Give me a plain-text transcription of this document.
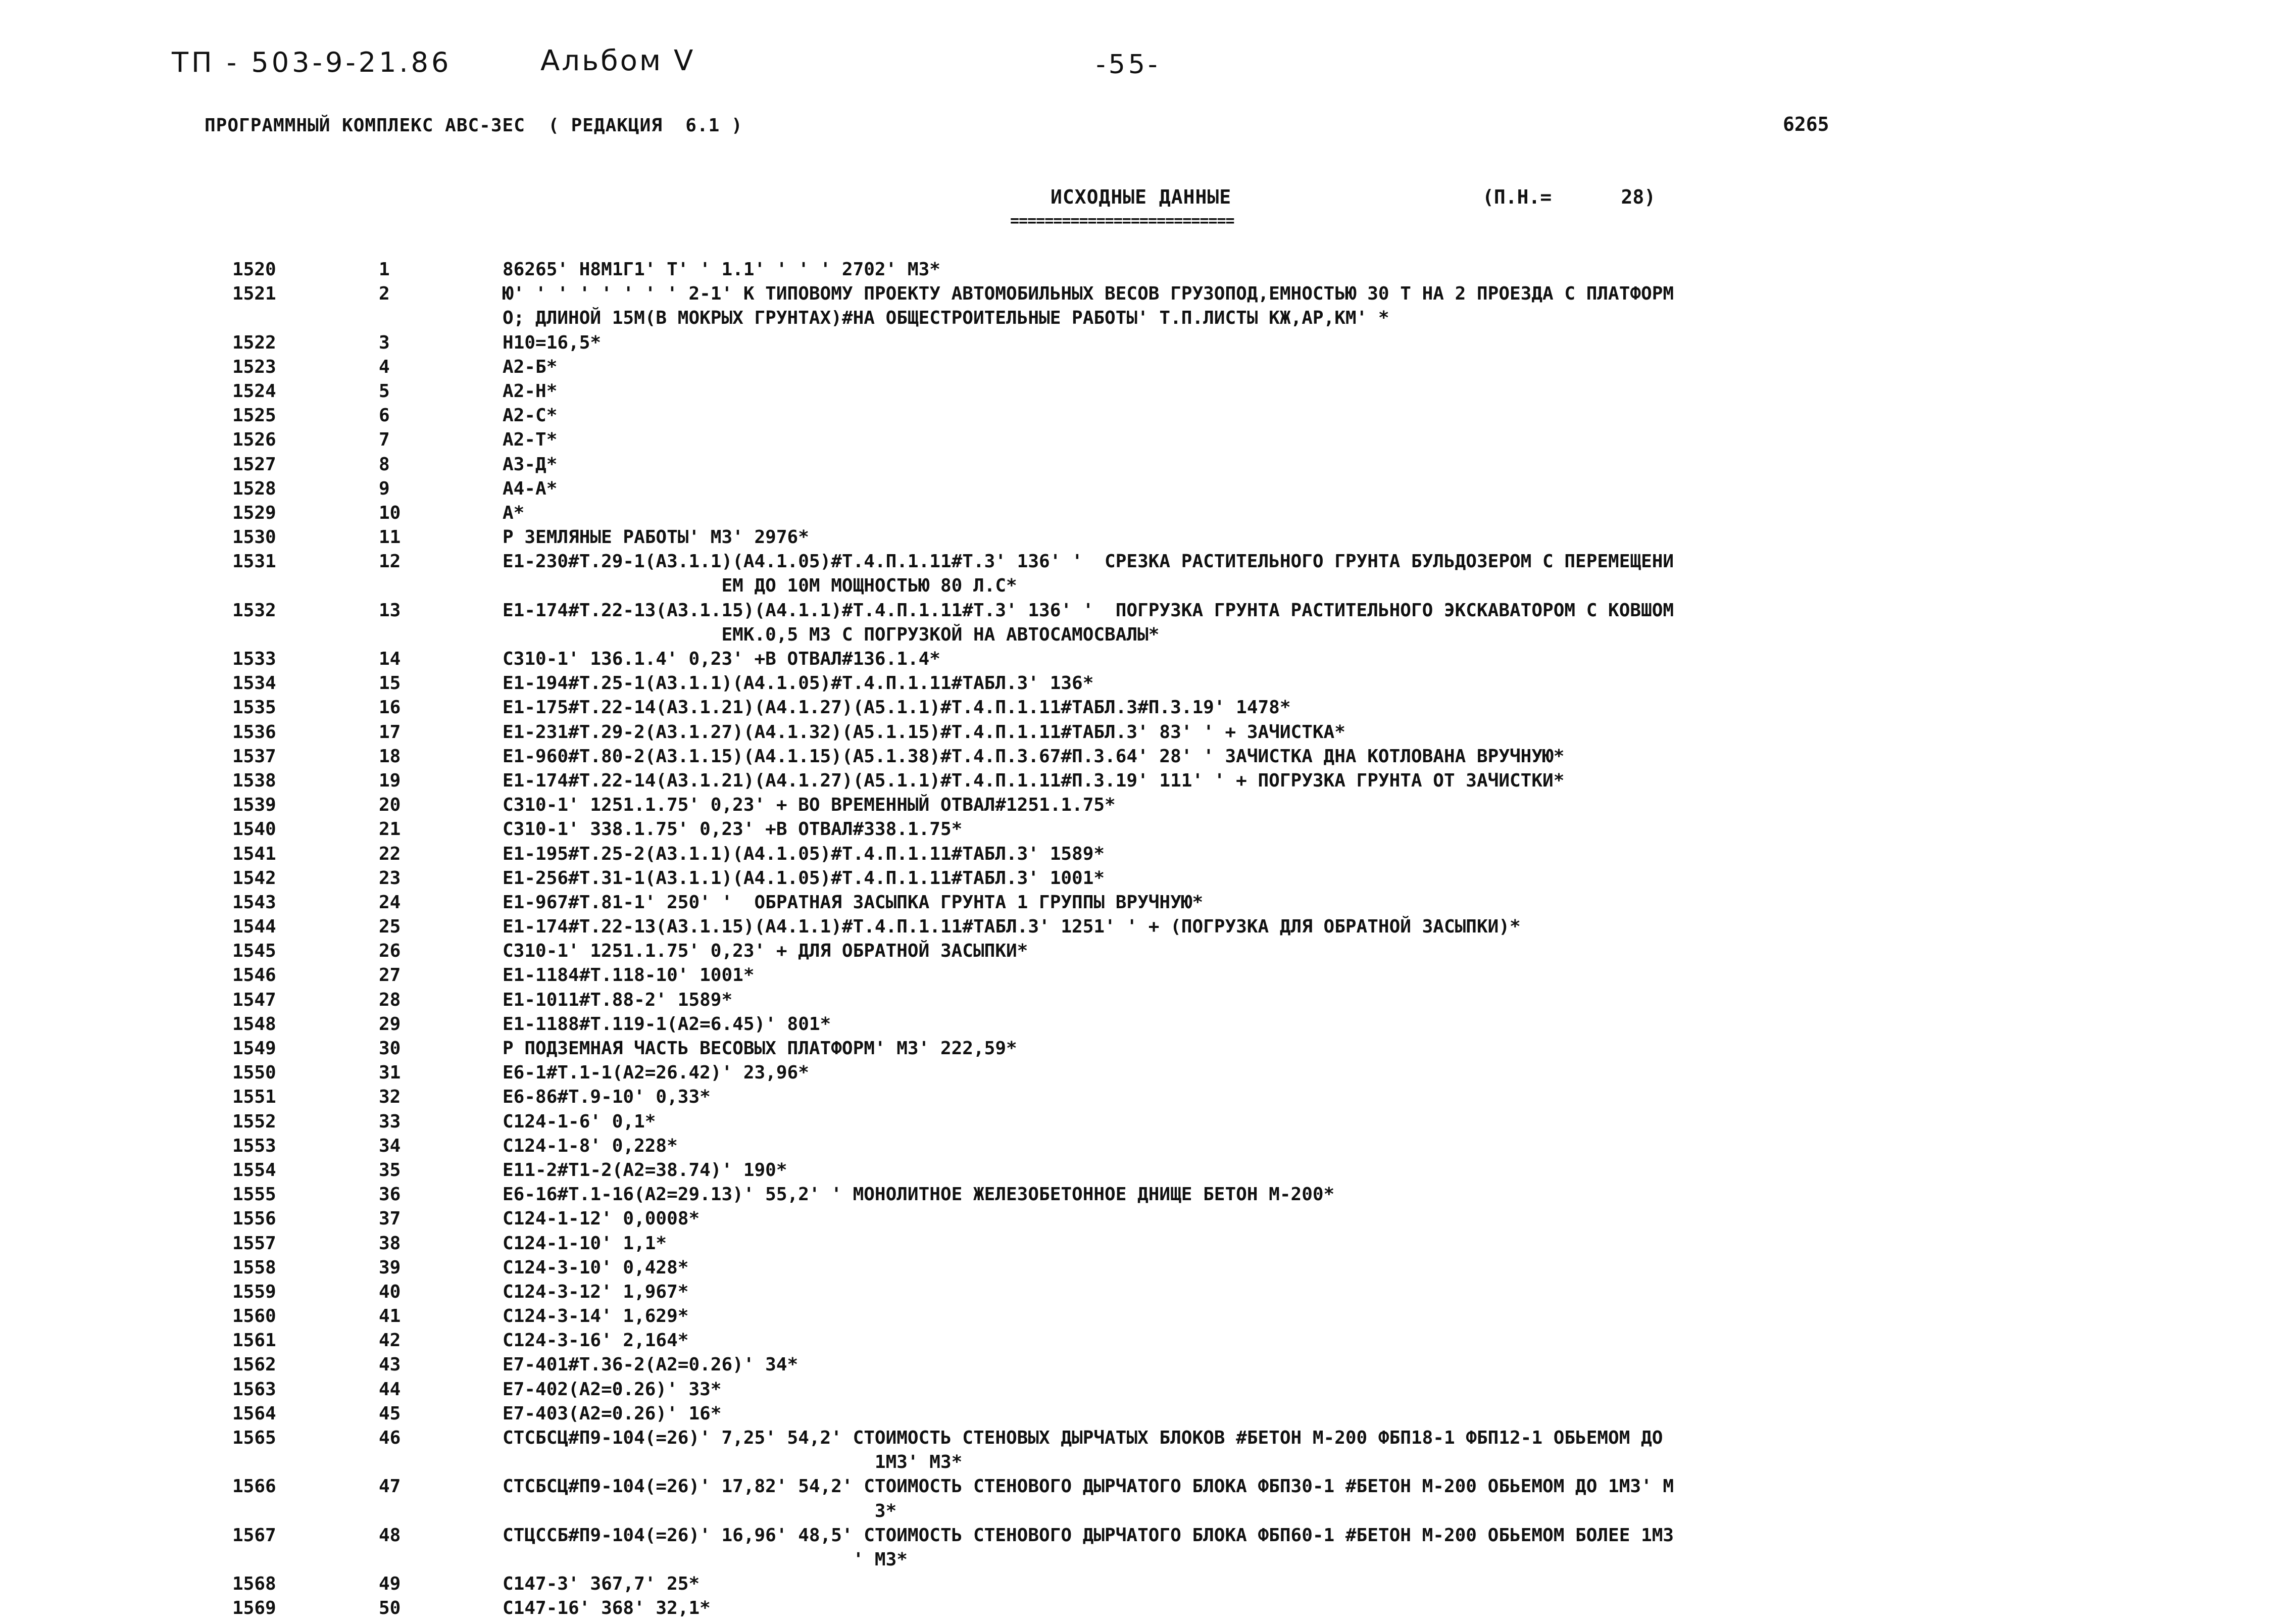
ТП - 503-9-21.86	Альбом V	-55-
ПРОГРАММНЫЙ КОМПЛЕКС АВС-3ЕС  ( РЕДАКЦИЯ  6.1 )	6265
ИСХОДНЫЕ ДАННЫЕ
==========================
(П.Н.=      28)
1520	1	86265' Н8М1Г1' Т' ' 1.1' ' ' ' 2702' М3*
1521	2	Ю' ' ' ' ' ' ' ' 2-1' К ТИПОВОМУ ПРОЕКТУ АВТОМОБИЛЬНЫХ ВЕСОВ ГРУЗОПОД,ЕМНОСТЬЮ 30 Т НА 2 ПРОЕЗДА С ПЛАТФОРМ
О; ДЛИНОЙ 15М(В МОКРЫХ ГРУНТАХ)#НА ОБЩЕСТРОИТЕЛЬНЫЕ РАБОТЫ' Т.П.ЛИСТЫ КЖ,АР,КМ' *
1522	3	Н10=16,5*
1523	4	А2-Б*
1524	5	А2-Н*
1525	6	А2-С*
1526	7	А2-Т*
1527	8	А3-Д*
1528	9	А4-А*
1529	10	А*
1530	11	Р ЗЕМЛЯНЫЕ РАБОТЫ' М3' 2976*
1531	12	Е1-230#Т.29-1(А3.1.1)(А4.1.05)#Т.4.П.1.11#Т.3' 136' '  СРЕЗКА РАСТИТЕЛЬНОГО ГРУНТА БУЛЬДОЗЕРОМ С ПЕРЕМЕЩЕНИ
ЕМ ДО 10М МОЩНОСТЬЮ 80 Л.С*
1532	13	Е1-174#Т.22-13(А3.1.15)(А4.1.1)#Т.4.П.1.11#Т.3' 136' '  ПОГРУЗКА ГРУНТА РАСТИТЕЛЬНОГО ЭКСКАВАТОРОМ С КОВШОМ
ЕМК.0,5 М3 С ПОГРУЗКОЙ НА АВТОСАМОСВАЛЫ*
1533	14	С310-1' 136.1.4' 0,23' +В ОТВАЛ#136.1.4*
1534	15	Е1-194#Т.25-1(А3.1.1)(А4.1.05)#Т.4.П.1.11#ТАБЛ.3' 136*
1535	16	Е1-175#Т.22-14(А3.1.21)(А4.1.27)(А5.1.1)#Т.4.П.1.11#ТАБЛ.3#П.3.19' 1478*
1536	17	Е1-231#Т.29-2(А3.1.27)(А4.1.32)(А5.1.15)#Т.4.П.1.11#ТАБЛ.3' 83' ' + ЗАЧИСТКА*
1537	18	Е1-960#Т.80-2(А3.1.15)(А4.1.15)(А5.1.38)#Т.4.П.3.67#П.3.64' 28' ' ЗАЧИСТКА ДНА КОТЛОВАНА ВРУЧНУЮ*
1538	19	Е1-174#Т.22-14(А3.1.21)(А4.1.27)(А5.1.1)#Т.4.П.1.11#П.3.19' 111' ' + ПОГРУЗКА ГРУНТА ОТ ЗАЧИСТКИ*
1539	20	С310-1' 1251.1.75' 0,23' + ВО ВРЕМЕННЫЙ ОТВАЛ#1251.1.75*
1540	21	С310-1' 338.1.75' 0,23' +В ОТВАЛ#338.1.75*
1541	22	Е1-195#Т.25-2(А3.1.1)(А4.1.05)#Т.4.П.1.11#ТАБЛ.3' 1589*
1542	23	Е1-256#Т.31-1(А3.1.1)(А4.1.05)#Т.4.П.1.11#ТАБЛ.3' 1001*
1543	24	Е1-967#Т.81-1' 250' '  ОБРАТНАЯ ЗАСЫПКА ГРУНТА 1 ГРУППЫ ВРУЧНУЮ*
1544	25	Е1-174#Т.22-13(А3.1.15)(А4.1.1)#Т.4.П.1.11#ТАБЛ.3' 1251' ' + (ПОГРУЗКА ДЛЯ ОБРАТНОЙ ЗАСЫПКИ)*
1545	26	С310-1' 1251.1.75' 0,23' + ДЛЯ ОБРАТНОЙ ЗАСЫПКИ*
1546	27	Е1-1184#Т.118-10' 1001*
1547	28	Е1-1011#Т.88-2' 1589*
1548	29	Е1-1188#Т.119-1(А2=6.45)' 801*
1549	30	Р ПОДЗЕМНАЯ ЧАСТЬ ВЕСОВЫХ ПЛАТФОРМ' М3' 222,59*
1550	31	Е6-1#Т.1-1(А2=26.42)' 23,96*
1551	32	Е6-86#Т.9-10' 0,33*
1552	33	С124-1-6' 0,1*
1553	34	С124-1-8' 0,228*
1554	35	Е11-2#Т1-2(А2=38.74)' 190*
1555	36	Е6-16#Т.1-16(А2=29.13)' 55,2' ' МОНОЛИТНОЕ ЖЕЛЕЗОБЕТОННОЕ ДНИЩЕ БЕТОН М-200*
1556	37	С124-1-12' 0,0008*
1557	38	С124-1-10' 1,1*
1558	39	С124-3-10' 0,428*
1559	40	С124-3-12' 1,967*
1560	41	С124-3-14' 1,629*
1561	42	С124-3-16' 2,164*
1562	43	Е7-401#Т.36-2(А2=0.26)' 34*
1563	44	Е7-402(А2=0.26)' 33*
1564	45	Е7-403(А2=0.26)' 16*
1565	46	СТСБСЦ#П9-104(=26)' 7,25' 54,2' СТОИМОСТЬ СТЕНОВЫХ ДЫРЧАТЫХ БЛОКОВ #БЕТОН М-200 ФБП18-1 ФБП12-1 ОБЬЕМОМ ДО
1М3' М3*
1566	47	СТСБСЦ#П9-104(=26)' 17,82' 54,2' СТОИМОСТЬ СТЕНОВОГО ДЫРЧАТОГО БЛОКА ФБП30-1 #БЕТОН М-200 ОБЬЕМОМ ДО 1М3' М
3*
1567	48	СТЦССБ#П9-104(=26)' 16,96' 48,5' СТОИМОСТЬ СТЕНОВОГО ДЫРЧАТОГО БЛОКА ФБП60-1 #БЕТОН М-200 ОБЬЕМОМ БОЛЕЕ 1М3
' М3*
1568	49	С147-3' 367,7' 25*
1569	50	С147-16' 368' 32,1*
